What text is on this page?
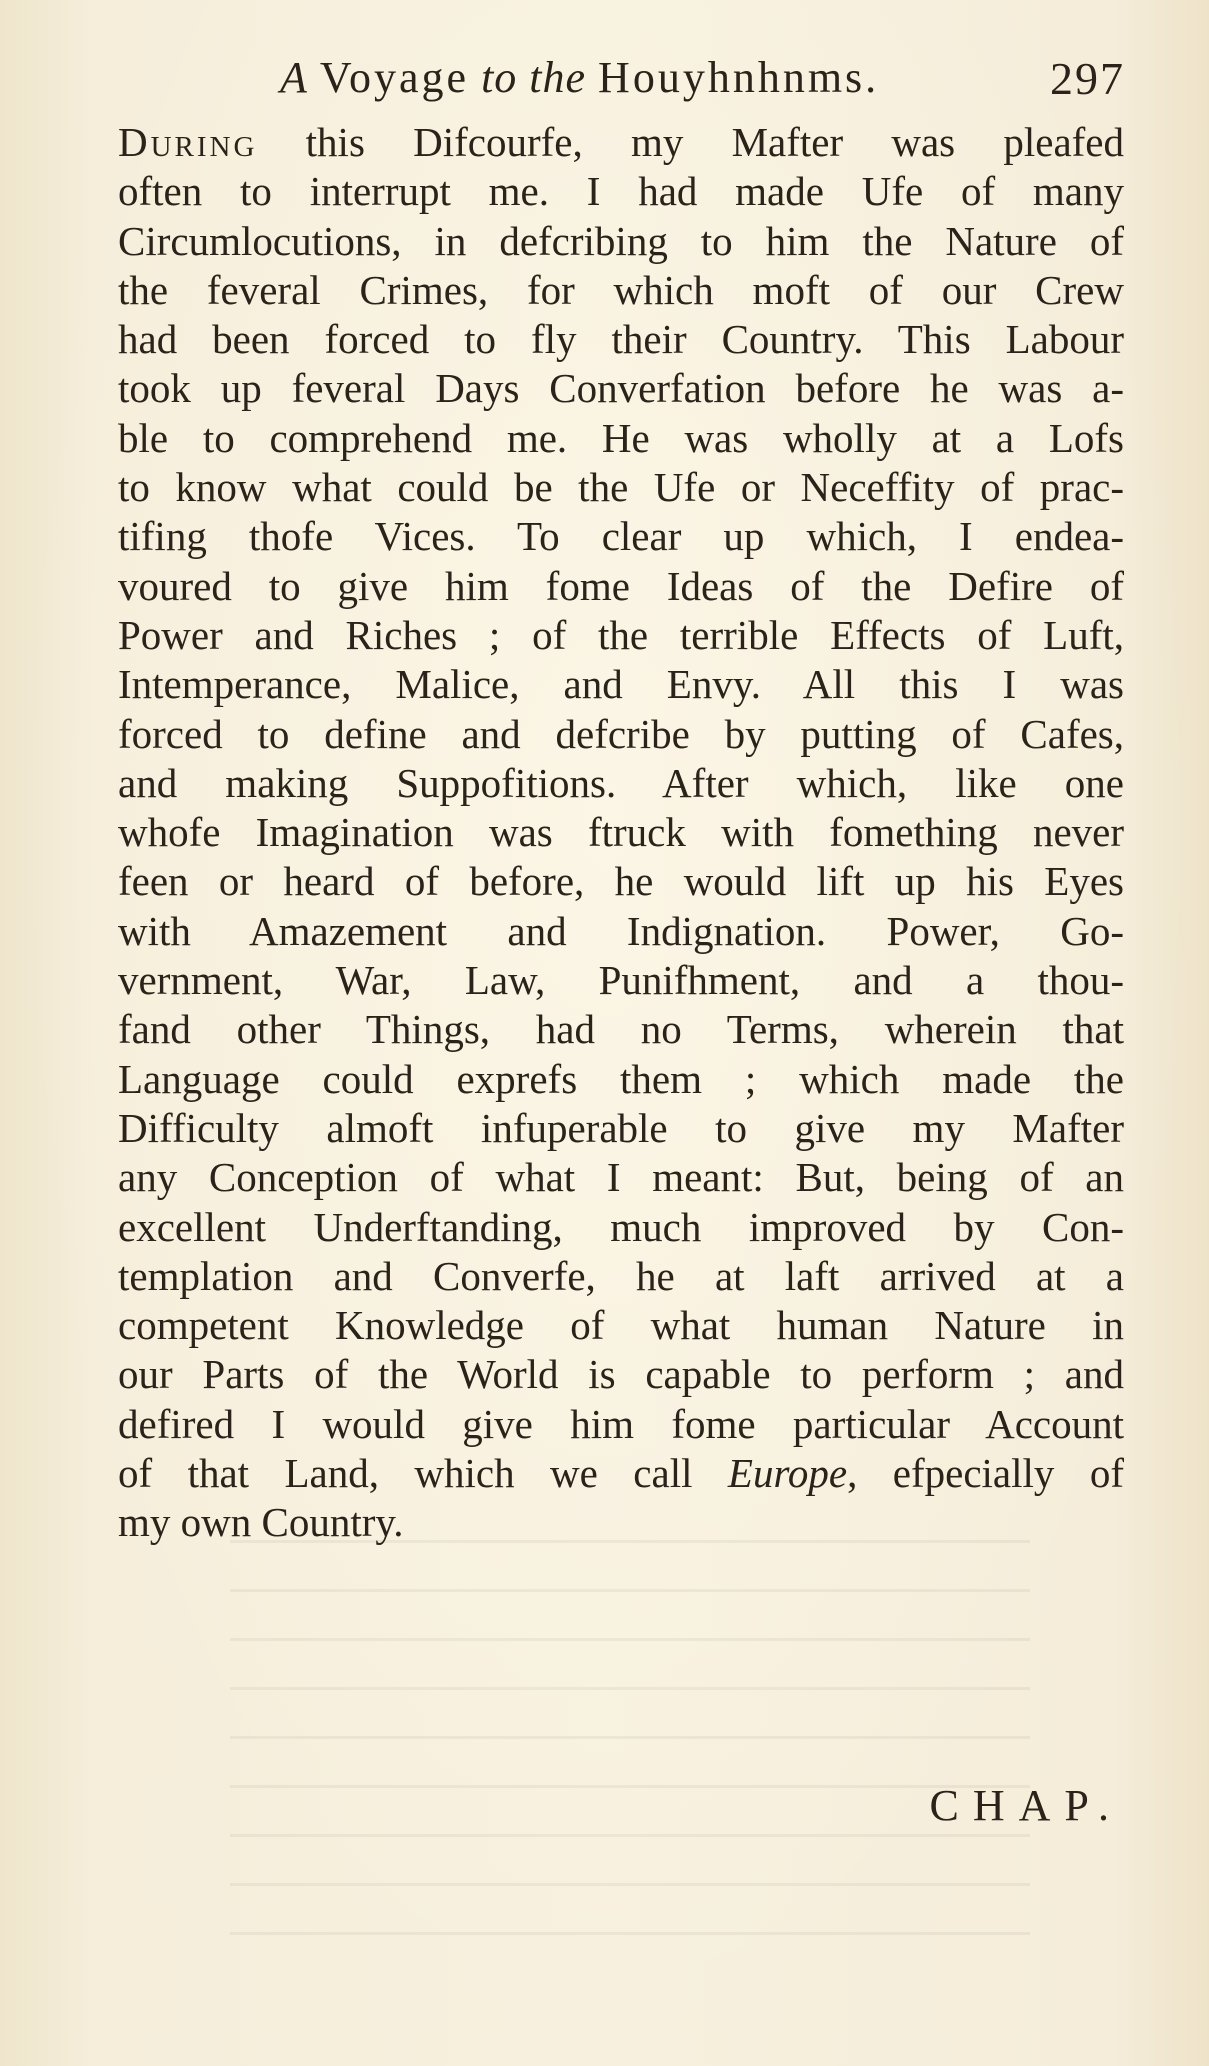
A Voyage to the Houyhnhnms.	297
During this Difcourfe, my Mafter was pleafed
often to interrupt me. I had made Ufe of many
Circumlocutions, in defcribing to him the Nature of
the feveral Crimes, for which moft of our Crew
had been forced to fly their Country. This Labour
took up feveral Days Converfation before he was a-
ble to comprehend me. He was wholly at a Lofs
to know what could be the Ufe or Neceffity of prac-
tifing thofe Vices. To clear up which, I endea-
voured to give him fome Ideas of the Defire of
Power and Riches ; of the terrible Effects of Luft,
Intemperance, Malice, and Envy. All this I was
forced to define and defcribe by putting of Cafes,
and making Suppofitions. After which, like one
whofe Imagination was ftruck with fomething never
feen or heard of before, he would lift up his Eyes
with Amazement and Indignation. Power, Go-
vernment, War, Law, Punifhment, and a thou-
fand other Things, had no Terms, wherein that
Language could exprefs them ; which made the
Difficulty almoft infuperable to give my Mafter
any Conception of what I meant: But, being of an
excellent Underftanding, much improved by Con-
templation and Converfe, he at laft arrived at a
competent Knowledge of what human Nature in
our Parts of the World is capable to perform ; and
defired I would give him fome particular Account
of that Land, which we call Europe, efpecially of
my own Country.
CHAP.
